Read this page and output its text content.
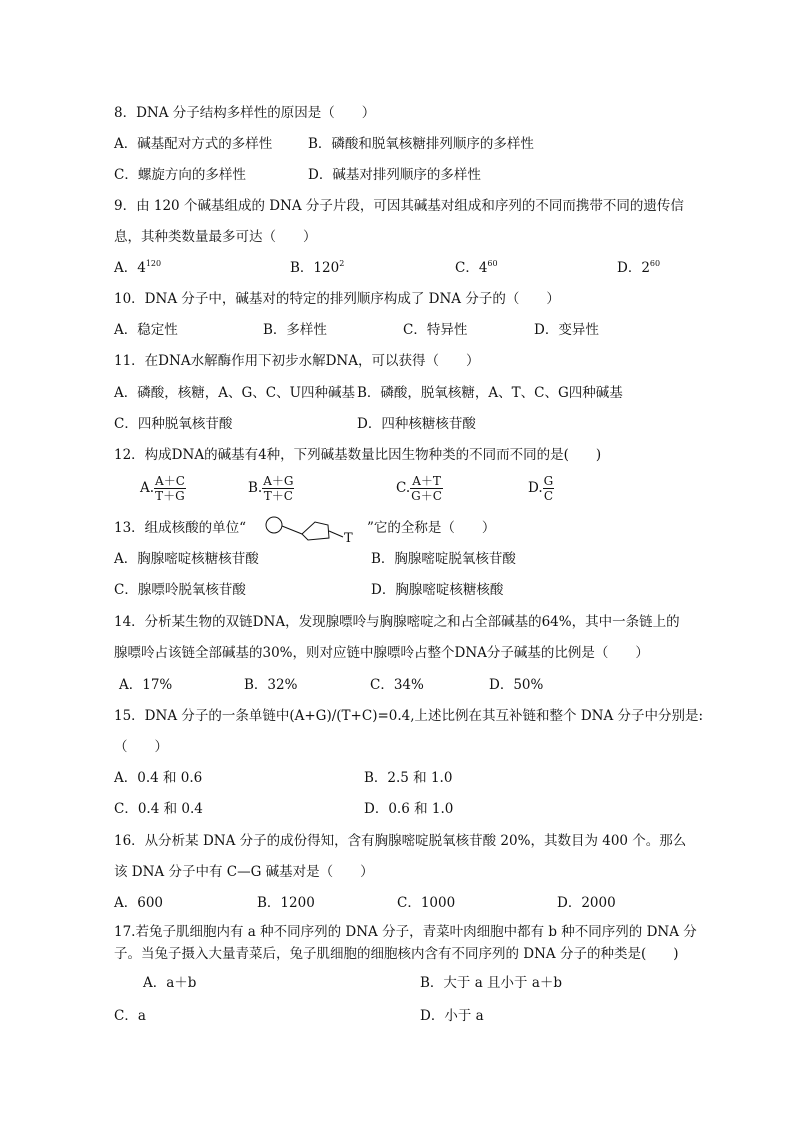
8．DNA 分子结构多样性的原因是（　　）
A．碱基配对方式的多样性	B．磷酸和脱氧核糖排列顺序的多样性
C．螺旋方向的多样性	D．碱基对排列顺序的多样性
9．由 120 个碱基组成的 DNA 分子片段，可因其碱基对组成和序列的不同而携带不同的遗传信
息，其种类数量最多可达（　　）
A．$4^{120}$	B．$120^2$	C．$4^{60}$	D．$2^{60}$
10．DNA 分子中，碱基对的特定的排列顺序构成了 DNA 分子的（　　）
A．稳定性	B．多样性	C．特异性	D．变异性
11．在DNA水解酶作用下初步水解DNA，可以获得（　　）
A．磷酸，核糖，A、G、C、U四种碱基 B．磷酸，脱氧核糖，A、T、C、G四种碱基
C．四种脱氧核苷酸	D．四种核糖核苷酸
12．构成DNA的碱基有4种，下列碱基数量比因生物种类的不同而不同的是(　　)
A. $\frac{A+C}{T+G}$	B. $\frac{A+G}{T+C}$	C. $\frac{A+T}{G+C}$	D. $\frac{G}{C}$
13．组成核酸的单位“
T
”它的全称是（　　）
A．胸腺嘧啶核糖核苷酸	B．胸腺嘧啶脱氧核苷酸
C．腺嘌呤脱氧核苷酸	D．胸腺嘧啶核糖核酸
14．分析某生物的双链DNA，发现腺嘌呤与胸腺嘧啶之和占全部碱基的64%，其中一条链上的
腺嘌呤占该链全部碱基的30%，则对应链中腺嘌呤占整个DNA分子碱基的比例是（　　）
A．17%	B．32%	C．34%	D．50%
15．DNA 分子的一条单链中(A+G)/(T+C)=0.4,上述比例在其互补链和整个 DNA 分子中分别是:
（　　）
A．0.4 和 0.6	B．2.5 和 1.0
C．0.4 和 0.4	D．0.6 和 1.0
16．从分析某 DNA 分子的成份得知，含有胸腺嘧啶脱氧核苷酸 20%，其数目为 400 个。那么
该 DNA 分子中有 C—G 碱基对是（　　）
A．600	B．1200	C．1000	D．2000
17.若兔子肌细胞内有 a 种不同序列的 DNA 分子，青菜叶肉细胞中都有 b 种不同序列的 DNA 分
子。当兔子摄入大量青菜后，兔子肌细胞的细胞核内含有不同序列的 DNA 分子的种类是(　　)
A．a＋b	B．大于 a 且小于 a＋b
C．a	D．小于 a
